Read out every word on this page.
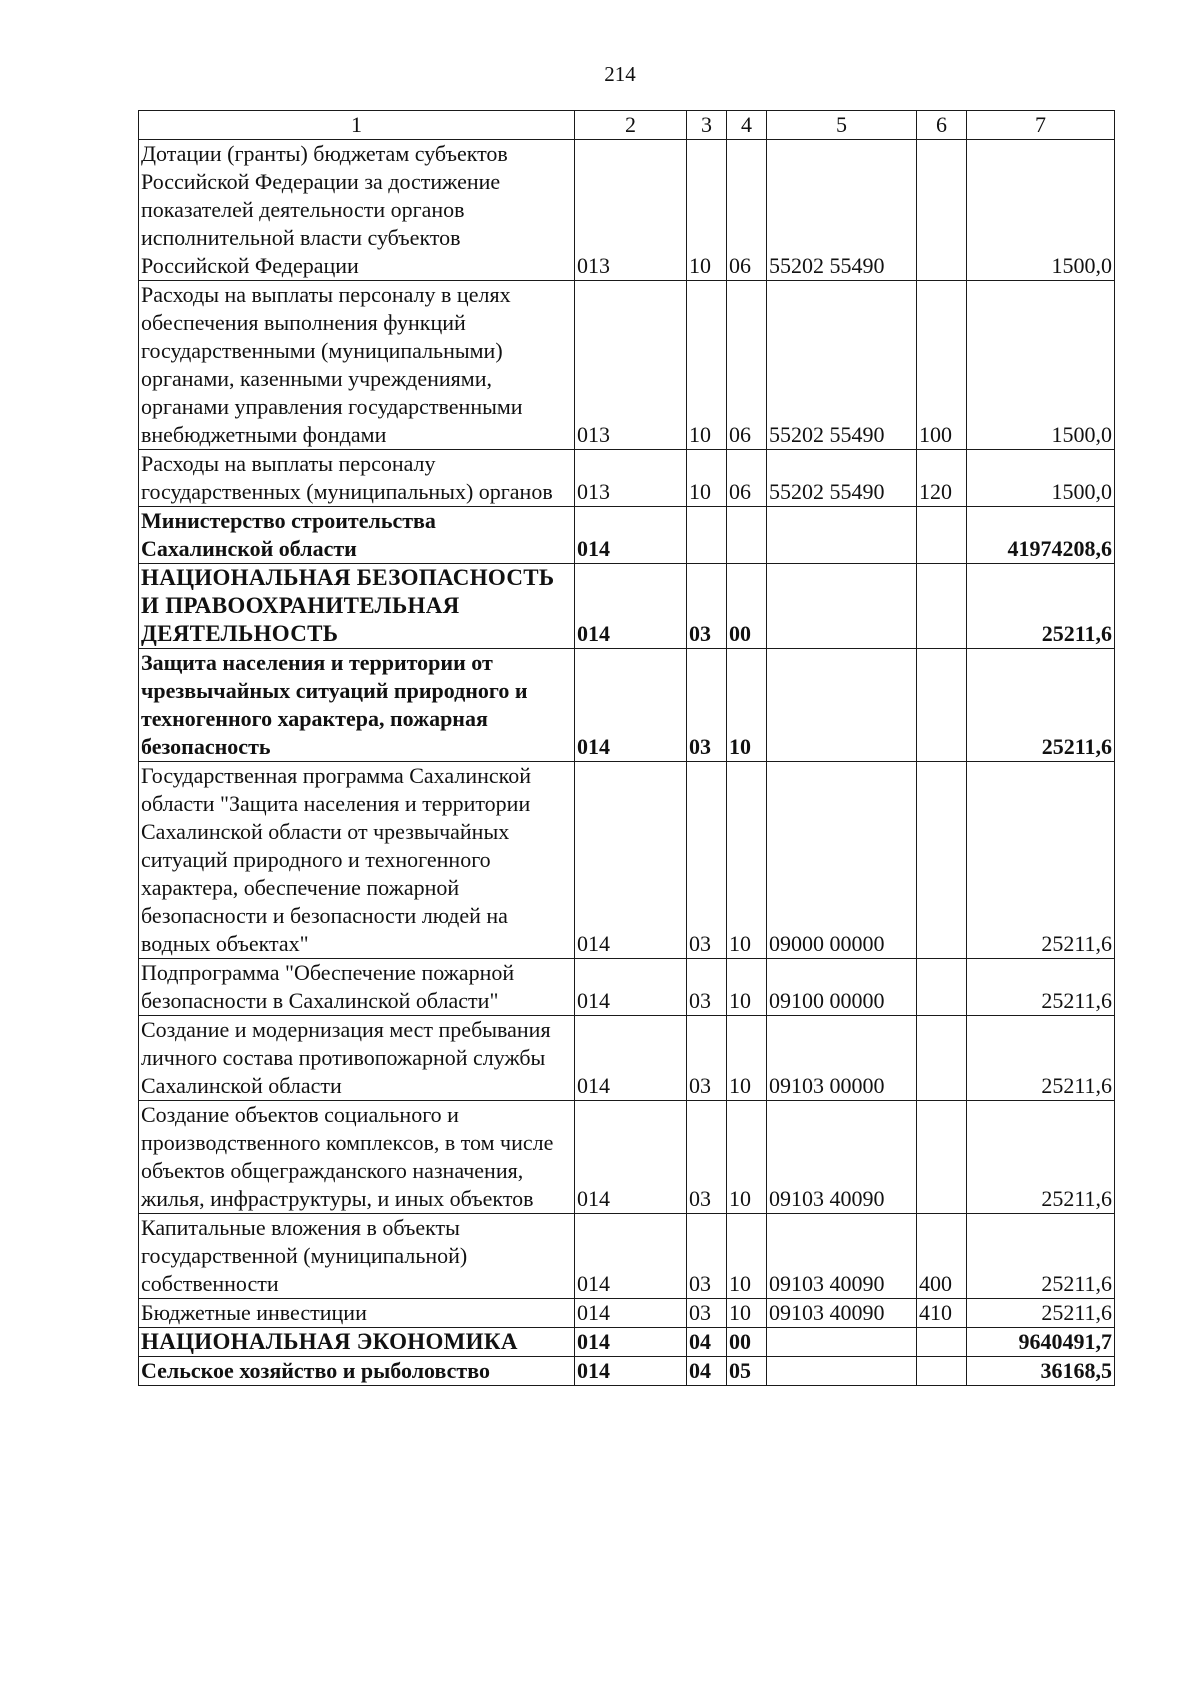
214
1	2	3	4	5	6	7
Дотации (гранты) бюджетам субъектов Российской Федерации за достижение показателей деятельности органов исполнительной власти субъектов Российской Федерации	013	10	06	55202 55490		1500,0
Расходы на выплаты персоналу в целях обеспечения выполнения функций государственными (муниципальными) органами, казенными учреждениями, органами управления государственными внебюджетными фондами	013	10	06	55202 55490	100	1500,0
Расходы на выплаты персоналу государственных (муниципальных) органов	013	10	06	55202 55490	120	1500,0
Министерство строительства Сахалинской области	014					41974208,6
НАЦИОНАЛЬНАЯ БЕЗОПАСНОСТЬ И ПРАВООХРАНИТЕЛЬНАЯ ДЕЯТЕЛЬНОСТЬ	014	03	00			25211,6
Защита населения и территории от чрезвычайных ситуаций природного и техногенного характера, пожарная безопасность	014	03	10			25211,6
Государственная программа Сахалинской области "Защита населения и территории Сахалинской области от чрезвычайных ситуаций природного и техногенного характера, обеспечение пожарной безопасности и безопасности людей на водных объектах"	014	03	10	09000 00000		25211,6
Подпрограмма "Обеспечение пожарной безопасности в Сахалинской области"	014	03	10	09100 00000		25211,6
Создание и модернизация мест пребывания личного состава противопожарной службы Сахалинской области	014	03	10	09103 00000		25211,6
Создание объектов социального и производственного комплексов, в том числе объектов общегражданского назначения, жилья, инфраструктуры, и иных объектов	014	03	10	09103 40090		25211,6
Капитальные вложения в объекты государственной (муниципальной) собственности	014	03	10	09103 40090	400	25211,6
Бюджетные инвестиции	014	03	10	09103 40090	410	25211,6
НАЦИОНАЛЬНАЯ ЭКОНОМИКА	014	04	00			9640491,7
Сельское хозяйство и рыболовство	014	04	05			36168,5
